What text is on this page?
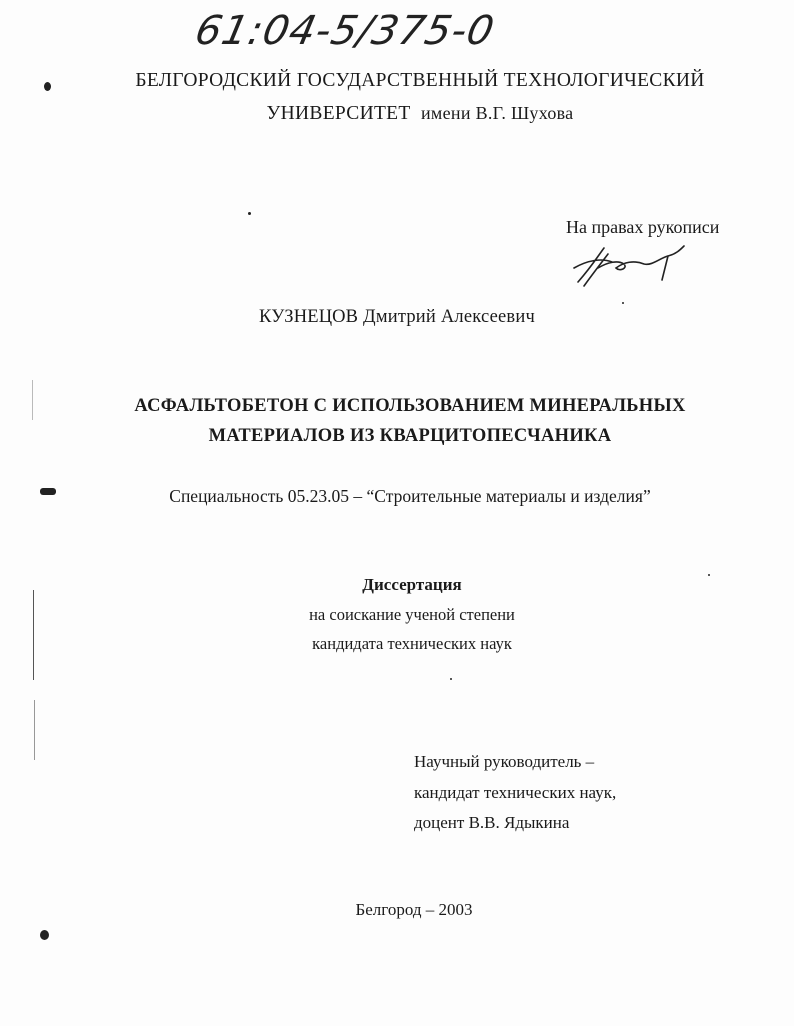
61:04-5/375-0
БЕЛГОРОДСКИЙ ГОСУДАРСТВЕННЫЙ ТЕХНОЛОГИЧЕСКИЙ
УНИВЕРСИТЕТ имени В.Г. Шухова
На правах рукописи
КУЗНЕЦОВ Дмитрий Алексеевич
АСФАЛЬТОБЕТОН С ИСПОЛЬЗОВАНИЕМ МИНЕРАЛЬНЫХ
МАТЕРИАЛОВ ИЗ КВАРЦИТОПЕСЧАНИКА
Специальность 05.23.05 – “Строительные материалы и изделия”
Диссертация
на соискание ученой степени
кандидата технических наук
Научный руководитель –
кандидат технических наук,
доцент В.В. Ядыкина
Белгород – 2003
